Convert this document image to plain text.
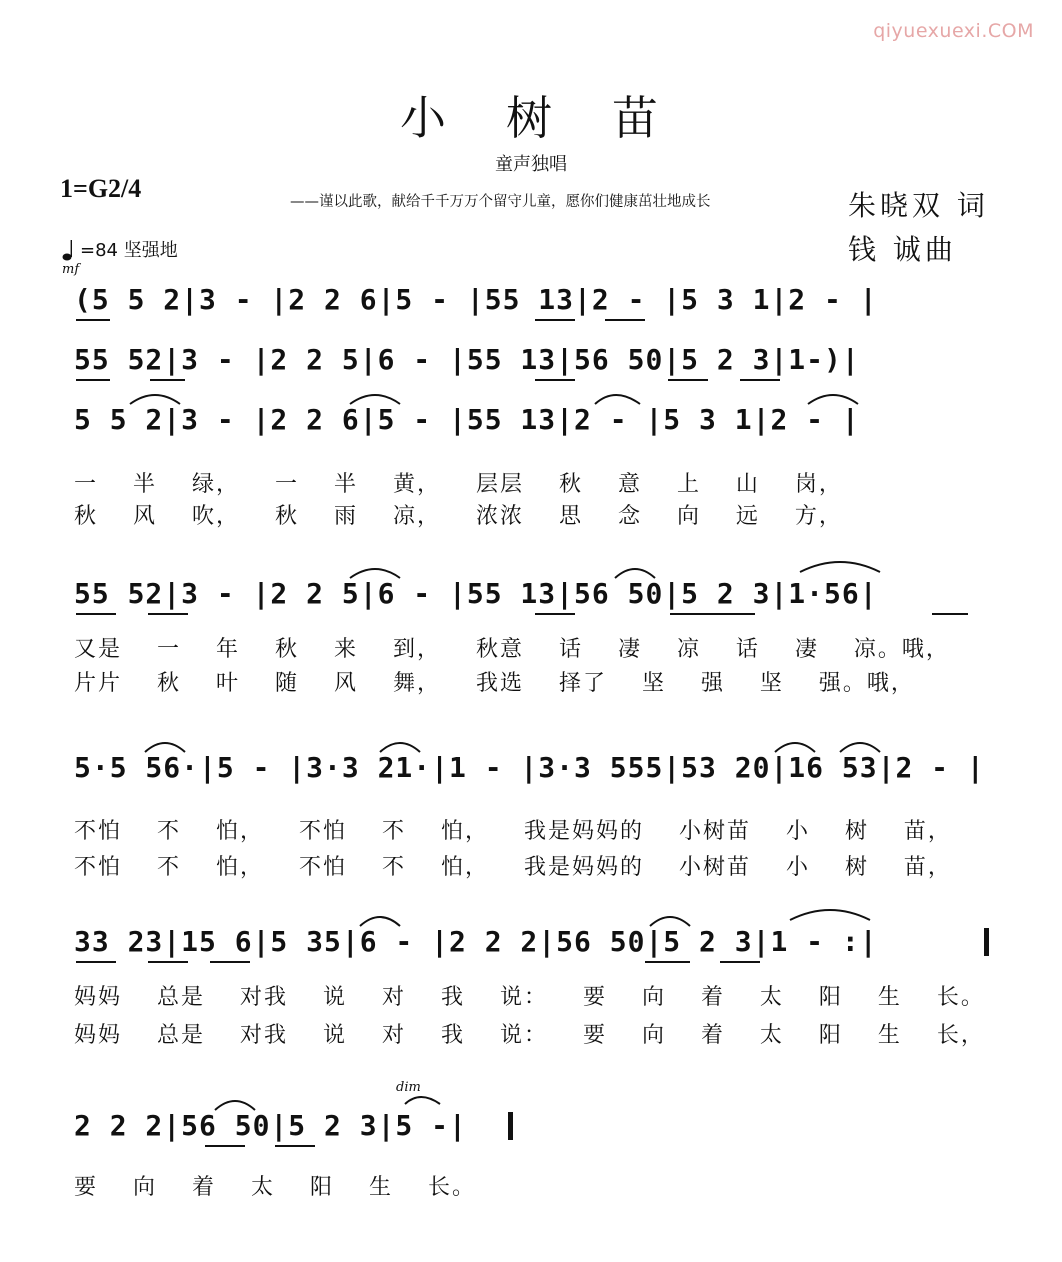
qiyuexuexi.COM
小树苗
童声独唱
1=G2/4	——谨以此歌，献给千千万万个留守儿童，愿你们健康茁壮地成长	朱晓双 词
钱 诚曲
=84 坚强地
mf
dim
(5 5 2|3 - |2 2 6|5 - |55 13|2 - |5 3 1|2 - |
55 52|3 - |2 2 5|6 - |55 13|56 50|5 2 3|1-)|
5 5 2|3 - |2 2 6|5 - |55 13|2 - |5 3 1|2 - |
一 半 绿， 一 半 黄， 层层 秋 意 上 山 岗，
秋 风 吹， 秋 雨 凉， 浓浓 思 念 向 远 方，
55 52|3 - |2 2 5|6 - |55 13|56 50|5 2 3|1·56|
又是 一 年 秋 来 到， 秋意 话 凄 凉 话 凄 凉。哦，
片片 秋 叶 随 风 舞， 我选 择了 坚 强 坚 强。哦，
5·5 56·|5 - |3·3 21·|1 - |3·3 555|53 20|16 53|2 - |
不怕 不 怕， 不怕 不 怕， 我是妈妈的 小树苗 小 树 苗，
不怕 不 怕， 不怕 不 怕， 我是妈妈的 小树苗 小 树 苗，
33 23|15 6|5 35|6 - |2 2 2|56 50|5 2 3|1 - :|
妈妈 总是 对我 说 对 我 说： 要 向 着 太 阳 生 长。
妈妈 总是 对我 说 对 我 说： 要 向 着 太 阳 生 长，
2 2 2|56 50|5 2 3|5 -|
要 向 着 太 阳 生 长。
